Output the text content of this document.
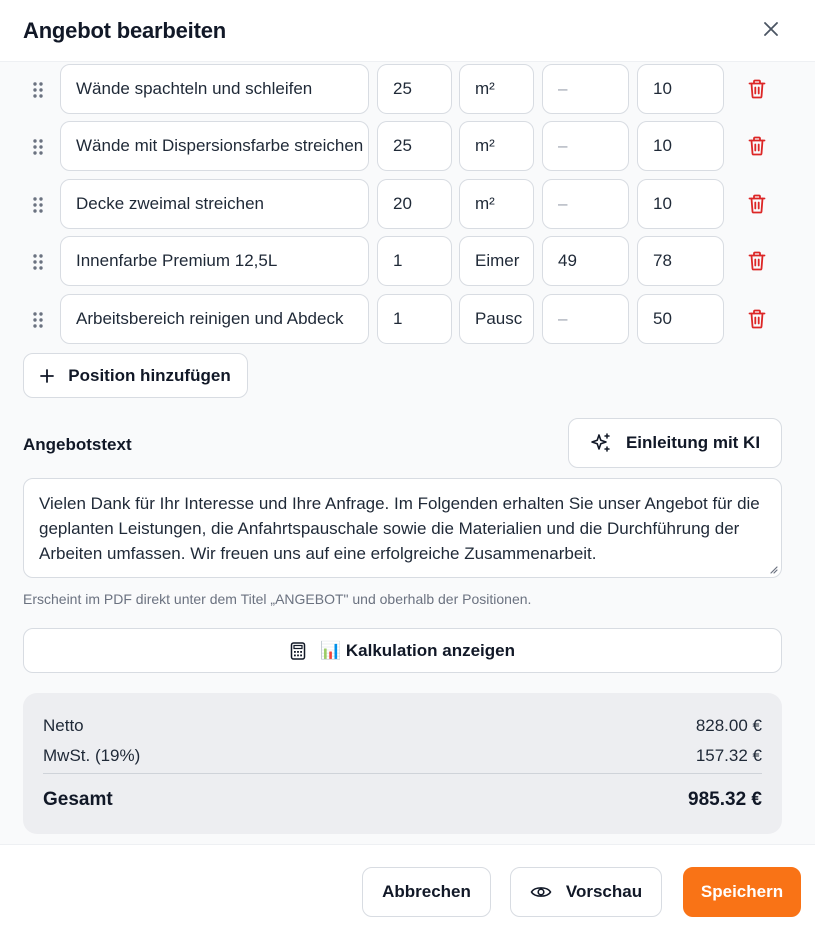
Angebot bearbeiten
Wände spachteln und schleifen	25	m²	–	10
Wände mit Dispersionsfarbe streichen	25	m²	–	10
Decke zweimal streichen	20	m²	–	10
Innenfarbe Premium 12,5L	1	Eimer	49	78
Arbeitsbereich reinigen und Abdeck	1	Pausc	–	50
Position hinzufügen
Angebotstext	Einleitung mit KI
Vielen Dank für Ihr Interesse und Ihre Anfrage. Im Folgenden erhalten Sie unser Angebot für die geplanten Leistungen, die Anfahrtspauschale sowie die Materialien und die Durchführung der Arbeiten umfassen. Wir freuen uns auf eine erfolgreiche Zusammenarbeit.
Erscheint im PDF direkt unter dem Titel „ANGEBOT" und oberhalb der Positionen.
📊 Kalkulation anzeigen
Netto	828.00 €
MwSt. (19%)	157.32 €
Gesamt	985.32 €
Abbrechen	Vorschau	Speichern
